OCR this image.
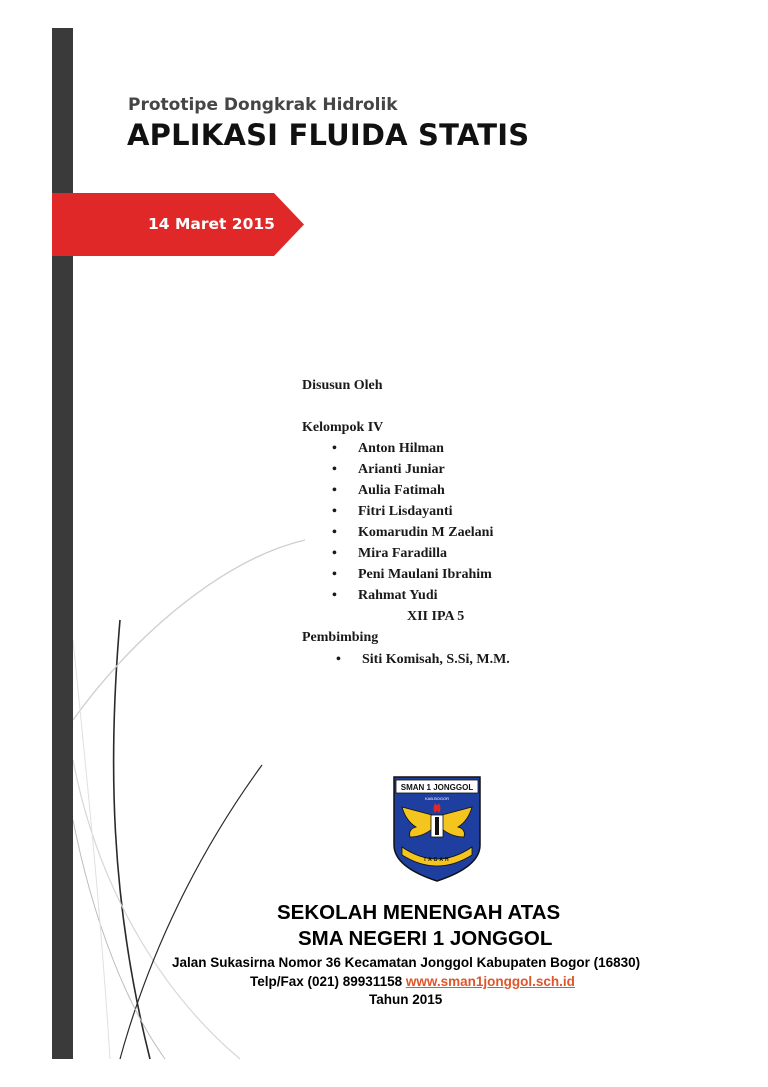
Prototipe Dongkrak Hidrolik
APLIKASI FLUIDA STATIS
14 Maret 2015
Disusun Oleh
Kelompok IV
• Anton Hilman
• Arianti Juniar
• Aulia Fatimah
• Fitri Lisdayanti
• Komarudin M Zaelani
• Mira Faradilla
• Peni Maulani Ibrahim
• Rahmat Yudi
XII IPA 5
Pembimbing
• Siti Komisah, S.Si, M.M.
SMAN 1 JONGGOL
KAB.BOGOR
TABAH
SEKOLAH MENENGAH ATAS
SMA NEGERI 1 JONGGOL
Jalan Sukasirna Nomor 36 Kecamatan Jonggol Kabupaten Bogor (16830)
Telp/Fax (021) 89931158 www.sman1jonggol.sch.id
Tahun 2015
